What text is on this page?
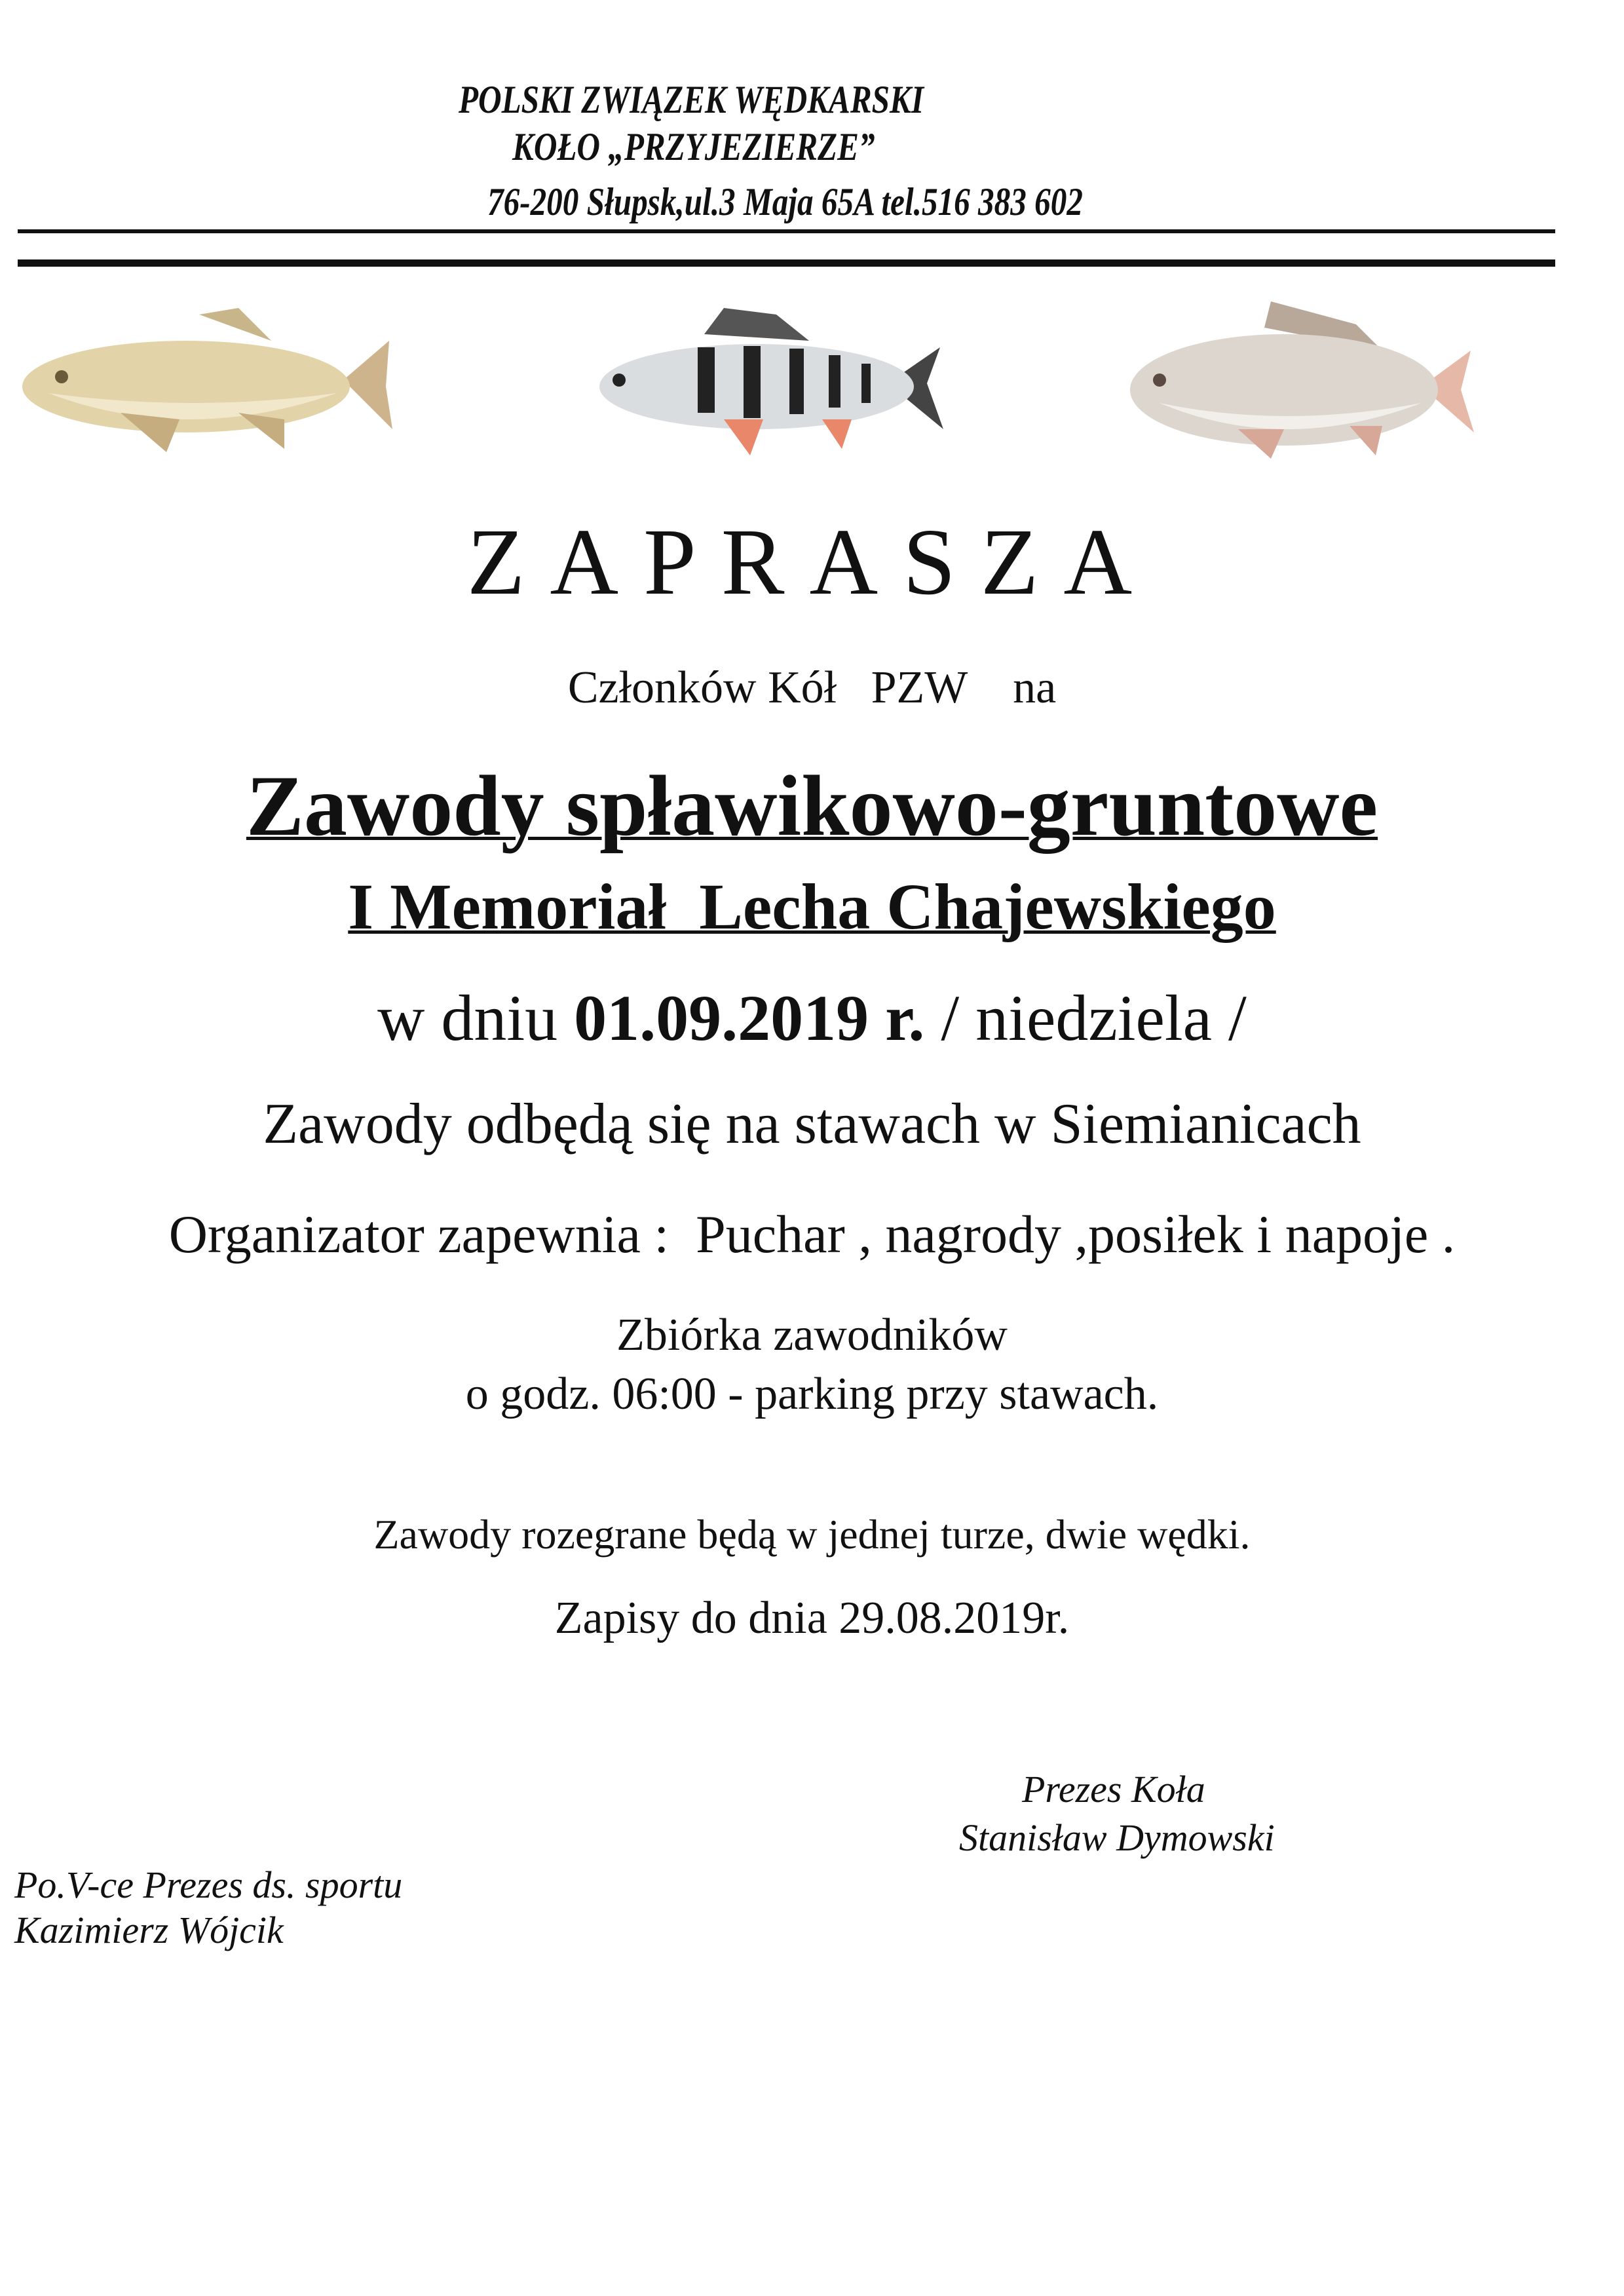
POLSKI ZWIĄZEK WĘDKARSKI
KOŁO „PRZYJEZIERZE”
76-200 Słupsk,ul.3 Maja 65A tel.516 383 602
ZAPRASZA
Członków Kół   PZW    na
Zawody spławikowo-gruntowe
I Memoriał  Lecha Chajewskiego
w dniu 01.09.2019 r. / niedziela /
Zawody odbędą się na stawach w Siemianicach
Organizator zapewnia :  Puchar , nagrody ,posiłek i napoje .
Zbiórka zawodników
o godz. 06:00 - parking przy stawach.
Zawody rozegrane będą w jednej turze, dwie wędki.
Zapisy do dnia 29.08.2019r.
Prezes Koła
Stanisław Dymowski
Po.V-ce Prezes ds. sportu
Kazimierz Wójcik
